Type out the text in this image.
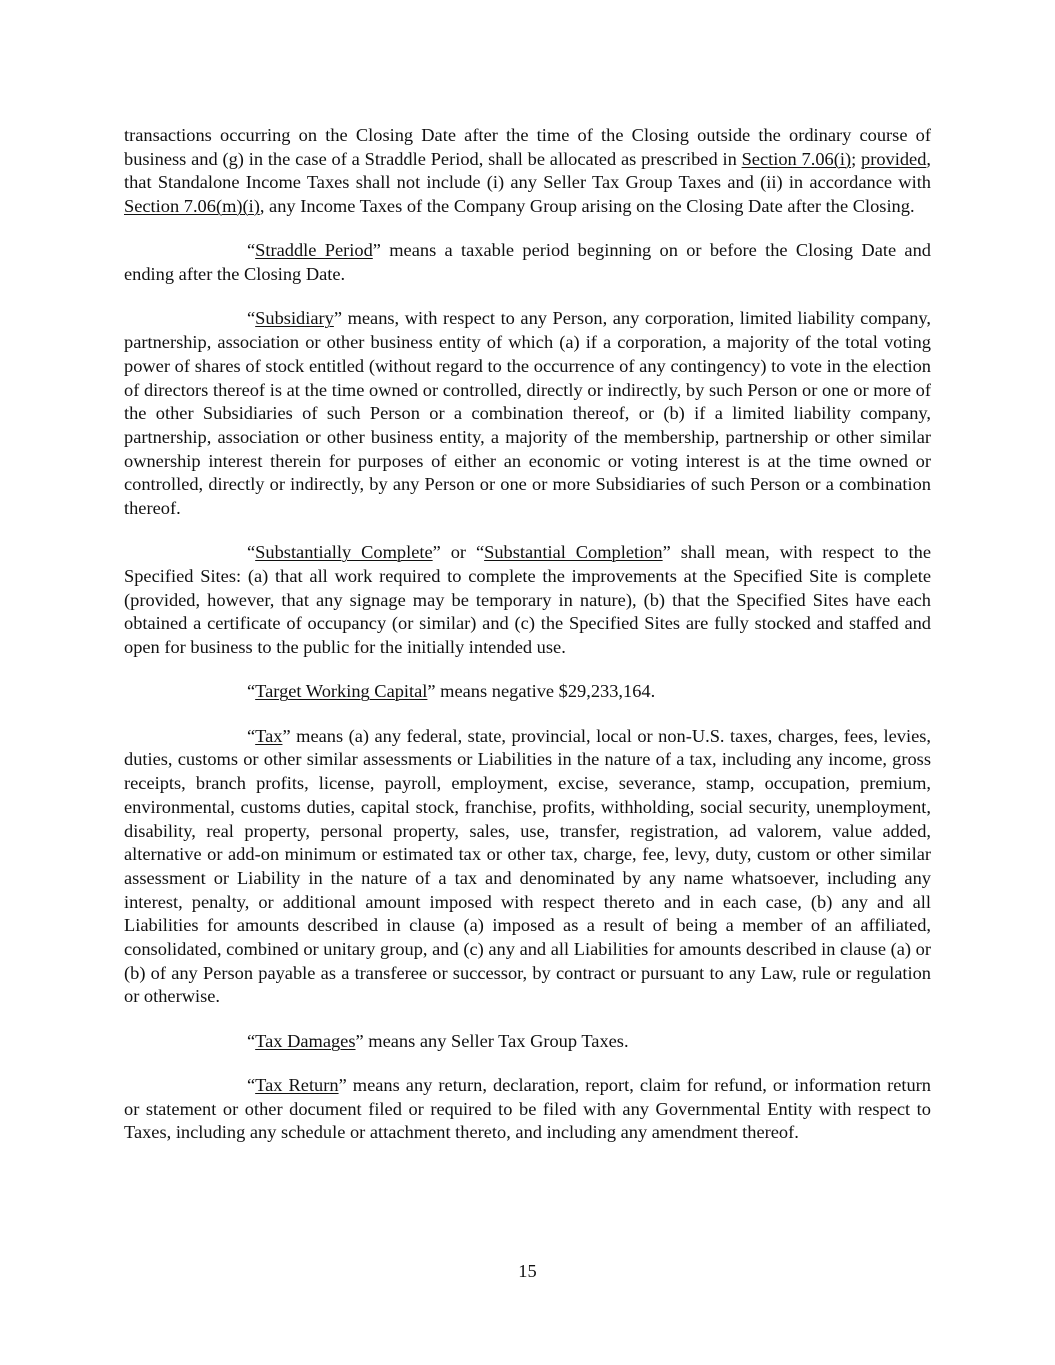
transactions occurring on the Closing Date after the time of the Closing outside the ordinary course of business and (g) in the case of a Straddle Period, shall be allocated as prescribed in Section 7.06(i); provided, that Standalone Income Taxes shall not include (i) any Seller Tax Group Taxes and (ii) in accordance with Section 7.06(m)(i), any Income Taxes of the Company Group arising on the Closing Date after the Closing.

“Straddle Period” means a taxable period beginning on or before the Closing Date and ending after the Closing Date.

“Subsidiary” means, with respect to any Person, any corporation, limited liability company, partnership, association or other business entity of which (a) if a corporation, a majority of the total voting power of shares of stock entitled (without regard to the occurrence of any contingency) to vote in the election of directors thereof is at the time owned or controlled, directly or indirectly, by such Person or one or more of the other Subsidiaries of such Person or a combination thereof, or (b) if a limited liability company, partnership, association or other business entity, a majority of the membership, partnership or other similar ownership interest therein for purposes of either an economic or voting interest is at the time owned or controlled, directly or indirectly, by any Person or one or more Subsidiaries of such Person or a combination thereof.

“Substantially Complete” or “Substantial Completion” shall mean, with respect to the Specified Sites: (a) that all work required to complete the improvements at the Specified Site is complete (provided, however, that any signage may be temporary in nature), (b) that the Specified Sites have each obtained a certificate of occupancy (or similar) and (c) the Specified Sites are fully stocked and staffed and open for business to the public for the initially intended use.

“Target Working Capital” means negative $29,233,164.

“Tax” means (a) any federal, state, provincial, local or non-U.S. taxes, charges, fees, levies, duties, customs or other similar assessments or Liabilities in the nature of a tax, including any income, gross receipts, branch profits, license, payroll, employment, excise, severance, stamp, occupation, premium, environmental, customs duties, capital stock, franchise, profits, withholding, social security, unemployment, disability, real property, personal property, sales, use, transfer, registration, ad valorem, value added, alternative or add-on minimum or estimated tax or other tax, charge, fee, levy, duty, custom or other similar assessment or Liability in the nature of a tax and denominated by any name whatsoever, including any interest, penalty, or additional amount imposed with respect thereto and in each case, (b) any and all Liabilities for amounts described in clause (a) imposed as a result of being a member of an affiliated, consolidated, combined or unitary group, and (c) any and all Liabilities for amounts described in clause (a) or (b) of any Person payable as a transferee or successor, by contract or pursuant to any Law, rule or regulation or otherwise.

“Tax Damages” means any Seller Tax Group Taxes.

“Tax Return” means any return, declaration, report, claim for refund, or information return or statement or other document filed or required to be filed with any Governmental Entity with respect to Taxes, including any schedule or attachment thereto, and including any amendment thereof.

15
